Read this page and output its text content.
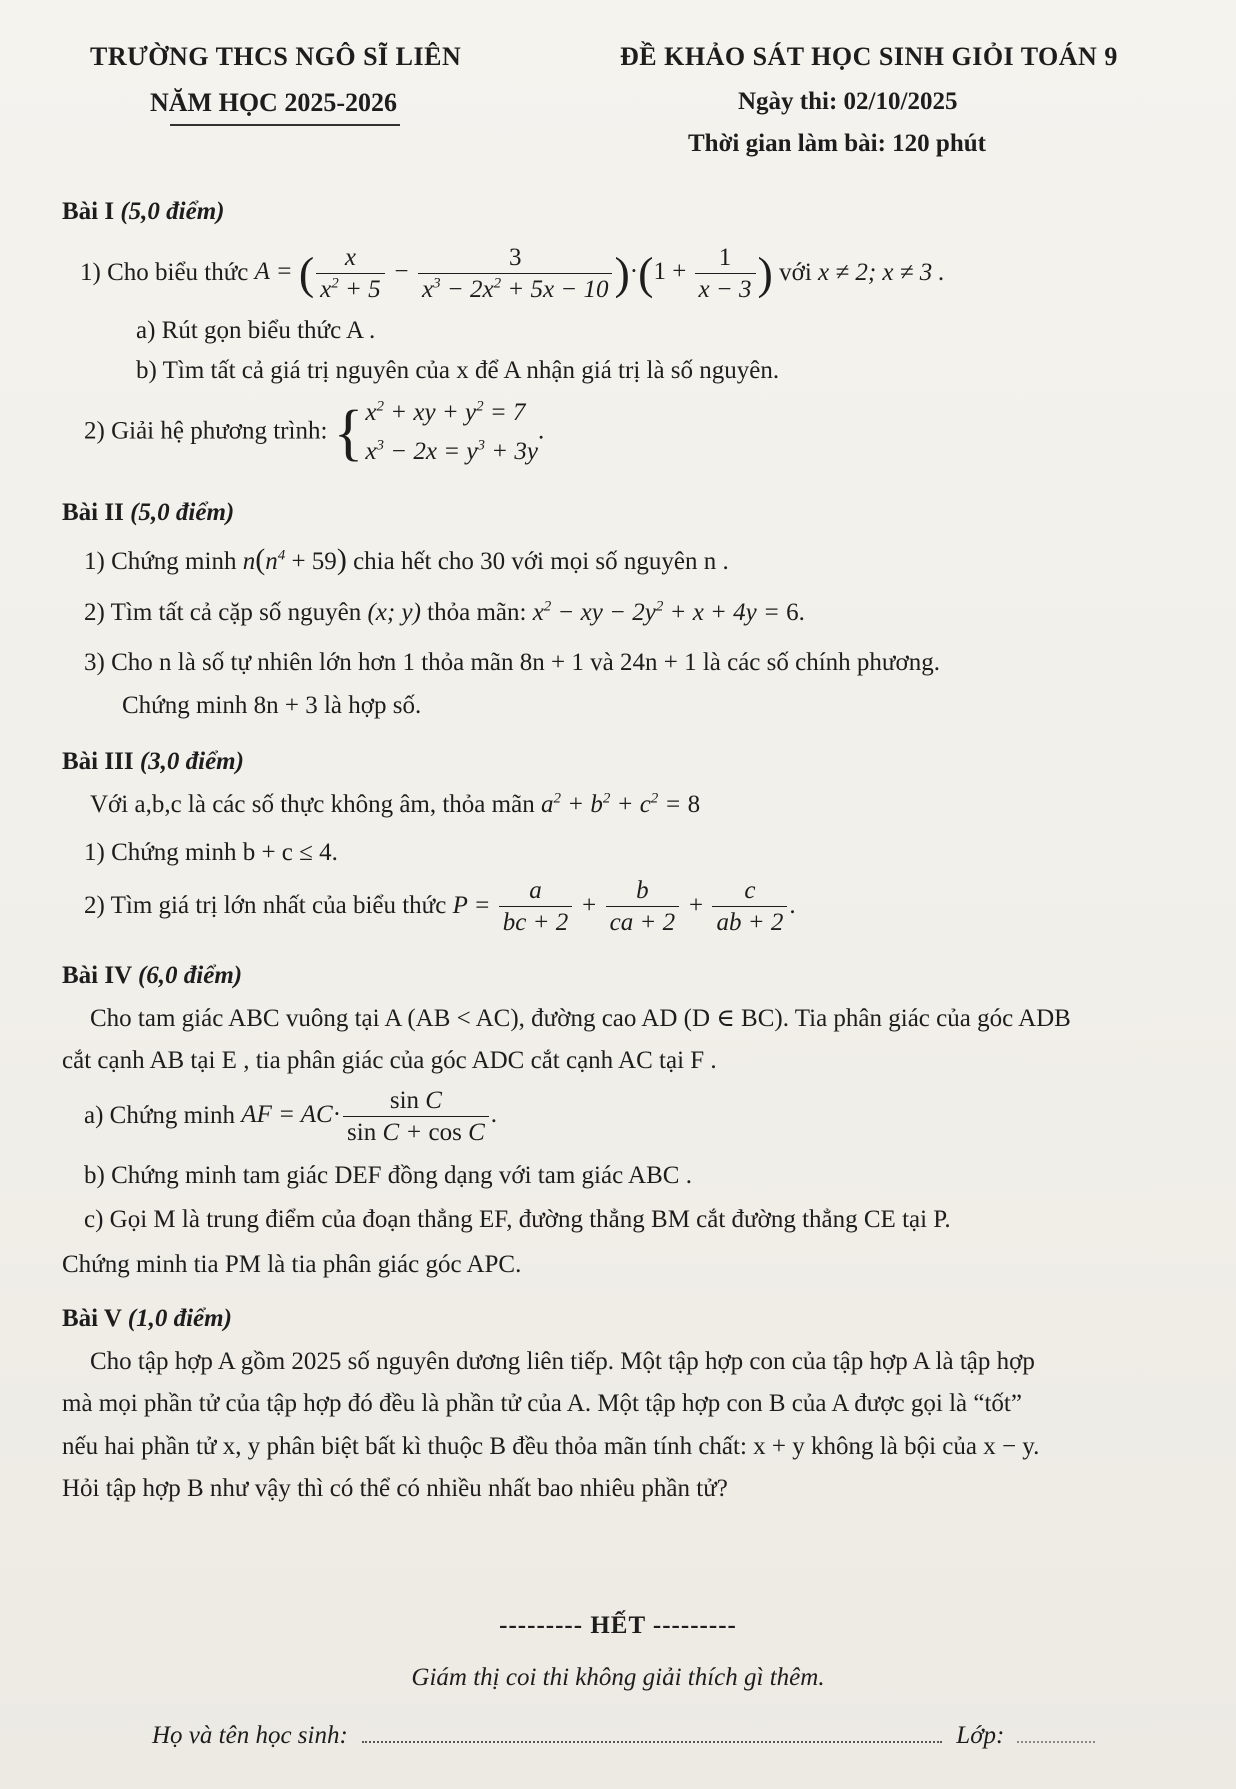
TRƯỜNG THCS NGÔ SĨ LIÊN
NĂM HỌC 2025-2026
ĐỀ KHẢO SÁT HỌC SINH GIỎI TOÁN 9
Ngày thi: 02/10/2025
Thời gian làm bài: 120 phút

Bài I (5,0 điểm)

1) Cho biểu thức A = ( $\frac{x}{x^2 + 5} - \frac{3}{x^3 - 2x^2 + 5x - 10} )\cdot(1 + \frac{1}{x - 3}$ ) với x ≠ 2; x ≠ 3 .

a) Rút gọn biểu thức A .

b) Tìm tất cả giá trị nguyên của x để A nhận giá trị là số nguyên.

2) Giải hệ phương trình: {$x^2$ + xy + $y^2 = 7$
$x^3 - 2x = y^3 + 3y$.

Bài II (5,0 điểm)

1) Chứng minh $n(n^4 + 59)$ chia hết cho 30 với mọi số nguyên n .

2) Tìm tất cả cặp số nguyên (x; y) thỏa mãn: $x^2$ − xy − $2y^2 + x + 4y = 6$.

3) Cho n là số tự nhiên lớn hơn 1 thỏa mãn 8n + 1 và 24n + 1 là các số chính phương.

Chứng minh 8n + 3 là hợp số.

Bài III (3,0 điểm)

Với a,b,c là các số thực không âm, thỏa mãn $a^2 + b^2 + c^2 = 8$

1) Chứng minh b + c ≤ 4.

2) Tìm giá trị lớn nhất của biểu thức $P = \frac{a}{bc + 2} + \frac{b}{ca + 2} + \frac{c}{ab + 2}$ .

Bài IV (6,0 điểm)

Cho tam giác ABC vuông tại A (AB < AC), đường cao AD (D ∈ BC). Tia phân giác của góc ADB

cắt cạnh AB tại E , tia phân giác của góc ADC cắt cạnh AC tại F .

a) Chứng minh AF = $AC\cdot \frac{\text{sin C}}{\text{sin C + cos C}}$ .

b) Chứng minh tam giác DEF đồng dạng với tam giác ABC .

c) Gọi M là trung điểm của đoạn thẳng EF, đường thẳng BM cắt đường thẳng CE tại P.

Chứng minh tia PM là tia phân giác góc APC.

Bài V (1,0 điểm)

Cho tập hợp A gồm 2025 số nguyên dương liên tiếp. Một tập hợp con của tập hợp A là tập hợp

mà mọi phần tử của tập hợp đó đều là phần tử của A. Một tập hợp con B của A được gọi là “tốt”

nếu hai phần tử x, y phân biệt bất kì thuộc B đều thỏa mãn tính chất: x + y không là bội của x − y.

Hỏi tập hợp B như vậy thì có thể có nhiều nhất bao nhiêu phần tử?

--------- HẾT ---------
Giám thị coi thi không giải thích gì thêm.
Họ và tên học sinh:	Lớp:
